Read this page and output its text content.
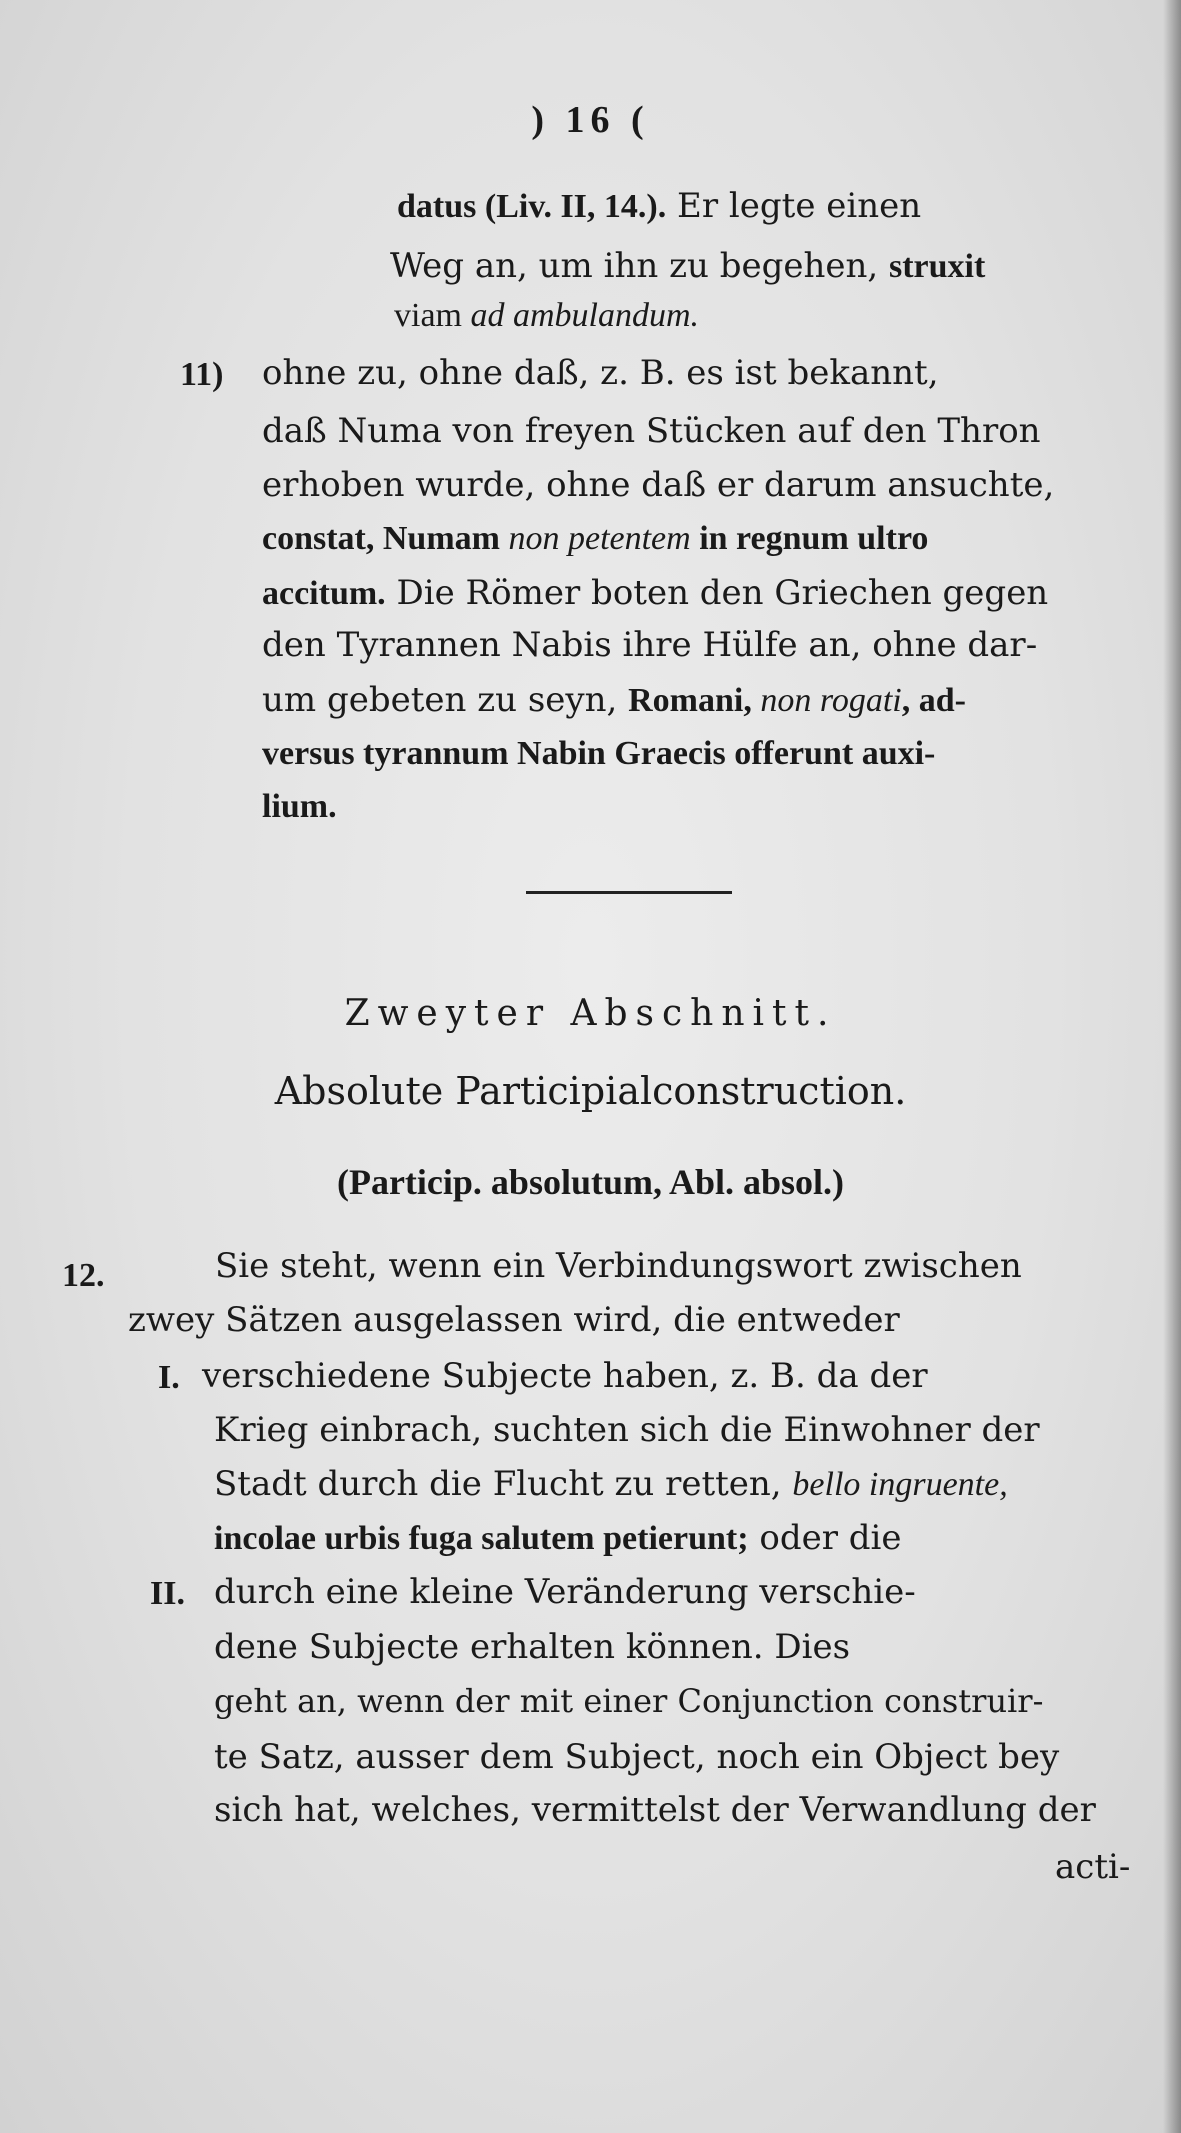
) 16 (
datus (Liv. II, 14.). Er legte einen
Weg an, um ihn zu begehen, struxit
viam ad ambulandum.
11) ohne zu, ohne daß, z. B. es ist bekannt,
daß Numa von freyen Stücken auf den Thron
erhoben wurde, ohne daß er darum ansuchte,
constat, Numam non petentem in regnum ultro
accitum. Die Römer boten den Griechen gegen
den Tyrannen Nabis ihre Hülfe an, ohne dar-
um gebeten zu seyn, Romani, non rogati, ad-
versus tyrannum Nabin Graecis offerunt auxi-
lium.
Zweyter Abschnitt.
Absolute Participialconstruction.
(Particip. absolutum, Abl. absol.)
12.	Sie steht, wenn ein Verbindungswort zwischen
zwey Sätzen ausgelassen wird, die entweder
I. verschiedene Subjecte haben, z. B. da der
Krieg einbrach, suchten sich die Einwohner der
Stadt durch die Flucht zu retten, bello ingruente,
incolae urbis fuga salutem petierunt; oder die
II. durch eine kleine Veränderung verschie-
dene Subjecte erhalten können. Dies
geht an, wenn der mit einer Conjunction construir-
te Satz, ausser dem Subject, noch ein Object bey
sich hat, welches, vermittelst der Verwandlung der
acti-
